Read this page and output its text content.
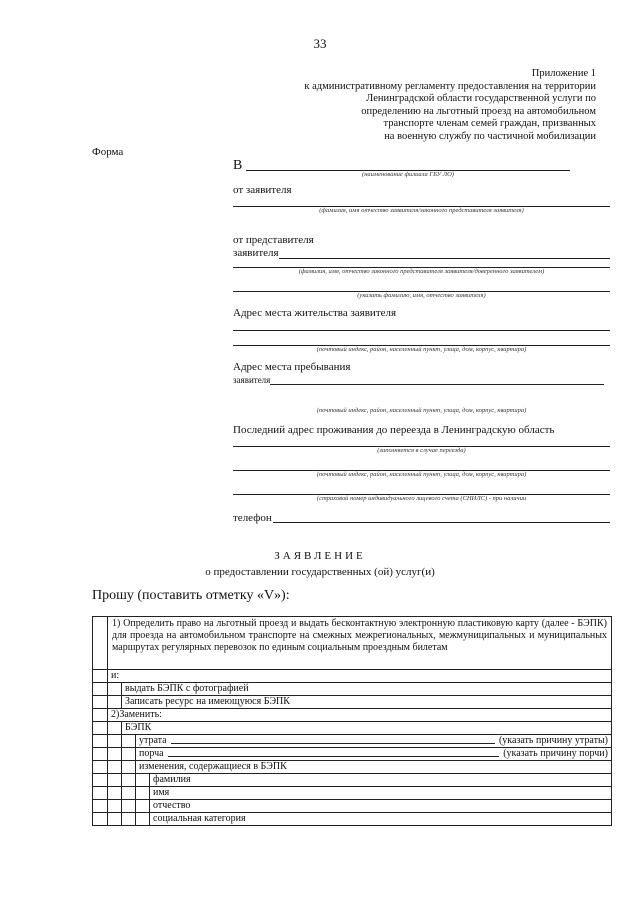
33
Приложение 1
к административному регламенту предоставления на территории
Ленинградской области государственной услуги по
определению на льготный проезд на автомобильном
транспорте членам семей граждан, призванных
на военную службу по частичной мобилизации
Форма
В
(наименование филиала ГБУ ЛО)
от заявителя
(фамилия, имя отчество заявителя/законного представителя заявителя)
от представителя
заявителя
(фамилия, имя, отчество законного представителя заявителя/доверенного заявителем)
(указать фамилию, имя, отчество заявителя)
Адрес места жительства заявителя
(почтовый индекс, район, населенный пункт, улица, дом, корпус, квартира)
Адрес места пребывания
заявителя
(почтовый индекс, район, населенный пункт, улица, дом, корпус, квартира)
Последний адрес проживания до переезда в Ленинградскую область
(заполняется в случае переезда)
(почтовый индекс, район, населенный пункт, улица, дом, корпус, квартира)
(страховой номер индивидуального лицевого счета (СНИЛС) - при наличии
телефон
ЗАЯВЛЕНИЕ
о предоставлении государственных (ой) услуг(и)
Прошу (поставить отметку «V»):
1) Определить право на льготный проезд и выдать бесконтактную электронную пластиковую карту (далее - БЭПК) для проезда на автомобильном транспорте на смежных межрегиональных, межмуниципальных и муниципальных маршрутах регулярных перевозок по единым социальным проездным билетам
и:
выдать БЭПК с фотографией
Записать ресурс на имеющуюся БЭПК
2)Заменить:
БЭПК
утрата	(указать причину утраты)
порча	(указать причину порчи)
изменения, содержащиеся в БЭПК
фамилия
имя
отчество
социальная категория
